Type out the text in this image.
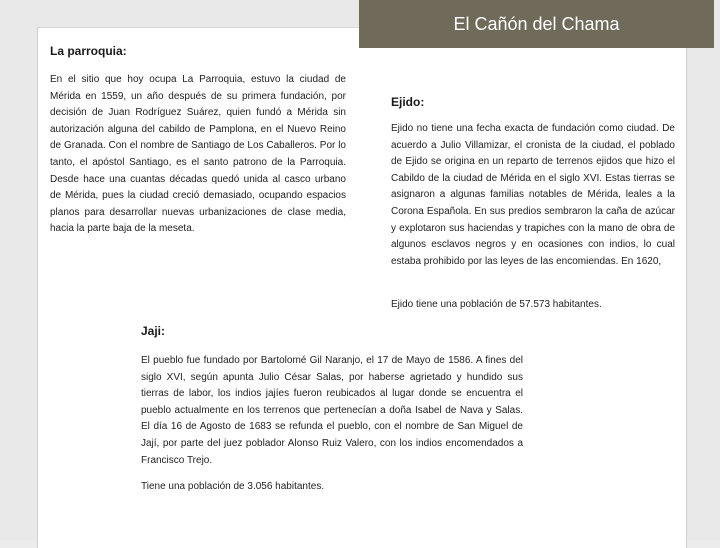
El Cañón del Chama
La parroquia:

En el sitio que hoy ocupa La Parroquia, estuvo la ciudad de Mérida en 1559, un año después de su primera fundación, por decisión de Juan Rodríguez Suárez, quien fundó a Mérida sin autorización alguna del cabildo de Pamplona, en el Nuevo Reino de Granada. Con el nombre de Santiago de Los Caballeros. Por lo tanto, el apóstol Santiago, es el santo patrono de la Parroquia. Desde hace una cuantas décadas quedó unida al casco urbano de Mérida, pues la ciudad creció demasiado, ocupando espacios planos para desarrollar nuevas urbanizaciones de clase media, hacia la parte baja de la meseta.

Ejido:

Ejido no tiene una fecha exacta de fundación como ciudad. De acuerdo a Julio Villamizar, el cronista de la ciudad, el poblado de Ejido se origina en un reparto de terrenos ejidos que hizo el Cabildo de la ciudad de Mérida en el siglo XVI. Estas tierras se asignaron a algunas familias notables de Mérida, leales a la Corona Española. En sus predios sembraron la caña de azúcar y explotaron sus haciendas y trapiches con la mano de obra de algunos esclavos negros y en ocasiones con indios, lo cual estaba prohibido por las leyes de las encomiendas. En 1620,

Ejido tiene una población de 57.573 habitantes.

Jaji:

El pueblo fue fundado por Bartolomé Gil Naranjo, el 17 de Mayo de 1586. A fines del siglo XVI, según apunta Julio César Salas, por haberse agrietado y hundido sus tierras de labor, los indios jajíes fueron reubicados al lugar donde se encuentra el pueblo actualmente en los terrenos que pertenecían a doña Isabel de Nava y Salas. El día 16 de Agosto de 1683 se refunda el pueblo, con el nombre de San Miguel de Jají, por parte del juez poblador Alonso Ruiz Valero, con los indios encomendados a Francisco Trejo.

Tiene una población de 3.056 habitantes.
